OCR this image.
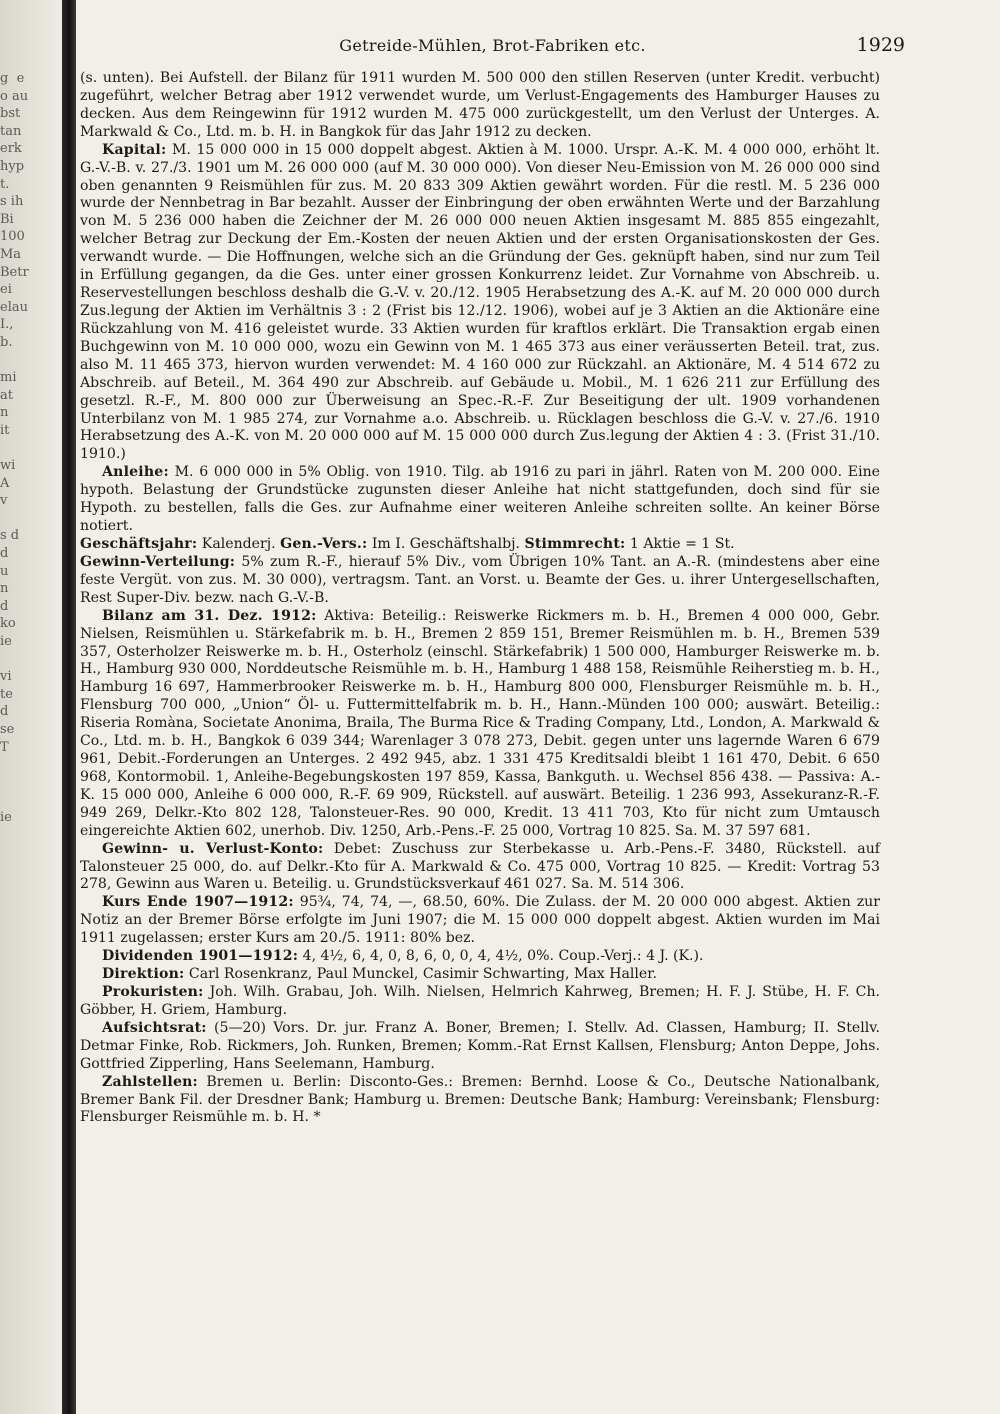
g  e
o au
bst
tan
erk
hyp
t.
s ih
Bi
100
Ma
Betr
ei
elau
I.,
b.
mi
at
n
it
wi
A
v
s d
d
u
n
d
ko
ie
vi
te
d
se
T
ie
Getreide-Mühlen, Brot-Fabriken etc.	1929

(s. unten). Bei Aufstell. der Bilanz für 1911 wurden M. 500 000 den stillen Reserven (unter Kredit. verbucht) zugeführt, welcher Betrag aber 1912 verwendet wurde, um Verlust-Engagements des Hamburger Hauses zu decken. Aus dem Reingewinn für 1912 wurden M. 475 000 zurückgestellt, um den Verlust der Unterges. A. Markwald & Co., Ltd. m. b. H. in Bangkok für das Jahr 1912 zu decken.

Kapital: M. 15 000 000 in 15 000 doppelt abgest. Aktien à M. 1000. Urspr. A.-K. M. 4 000 000, erhöht lt. G.-V.-B. v. 27./3. 1901 um M. 26 000 000 (auf M. 30 000 000). Von dieser Neu-Emission von M. 26 000 000 sind oben genannten 9 Reismühlen für zus. M. 20 833 309 Aktien gewährt worden. Für die restl. M. 5 236 000 wurde der Nennbetrag in Bar bezahlt. Ausser der Einbringung der oben erwähnten Werte und der Barzahlung von M. 5 236 000 haben die Zeichner der M. 26 000 000 neuen Aktien insgesamt M. 885 855 eingezahlt, welcher Betrag zur Deckung der Em.-Kosten der neuen Aktien und der ersten Organisationskosten der Ges. verwandt wurde. — Die Hoffnungen, welche sich an die Gründung der Ges. geknüpft haben, sind nur zum Teil in Erfüllung gegangen, da die Ges. unter einer grossen Konkurrenz leidet. Zur Vornahme von Abschreib. u. Reservestellungen beschloss deshalb die G.-V. v. 20./12. 1905 Herabsetzung des A.-K. auf M. 20 000 000 durch Zus.legung der Aktien im Verhältnis 3 : 2 (Frist bis 12./12. 1906), wobei auf je 3 Aktien an die Aktionäre eine Rückzahlung von M. 416 geleistet wurde. 33 Aktien wurden für kraftlos erklärt. Die Transaktion ergab einen Buchgewinn von M. 10 000 000, wozu ein Gewinn von M. 1 465 373 aus einer veräusserten Beteil. trat, zus. also M. 11 465 373, hiervon wurden verwendet: M. 4 160 000 zur Rückzahl. an Aktionäre, M. 4 514 672 zu Abschreib. auf Beteil., M. 364 490 zur Abschreib. auf Gebäude u. Mobil., M. 1 626 211 zur Erfüllung des gesetzl. R.-F., M. 800 000 zur Überweisung an Spec.-R.-F. Zur Beseitigung der ult. 1909 vorhandenen Unterbilanz von M. 1 985 274, zur Vornahme a.o. Abschreib. u. Rücklagen beschloss die G.-V. v. 27./6. 1910 Herabsetzung des A.-K. von M. 20 000 000 auf M. 15 000 000 durch Zus.legung der Aktien 4 : 3. (Frist 31./10. 1910.)

Anleihe: M. 6 000 000 in 5% Oblig. von 1910. Tilg. ab 1916 zu pari in jährl. Raten von M. 200 000. Eine hypoth. Belastung der Grundstücke zugunsten dieser Anleihe hat nicht stattgefunden, doch sind für sie Hypoth. zu bestellen, falls die Ges. zur Aufnahme einer weiteren Anleihe schreiten sollte. An keiner Börse notiert.

Geschäftsjahr: Kalenderj. Gen.-Vers.: Im I. Geschäftshalbj. Stimmrecht: 1 Aktie = 1 St.

Gewinn-Verteilung: 5% zum R.-F., hierauf 5% Div., vom Übrigen 10% Tant. an A.-R. (mindestens aber eine feste Vergüt. von zus. M. 30 000), vertragsm. Tant. an Vorst. u. Beamte der Ges. u. ihrer Untergesellschaften, Rest Super-Div. bezw. nach G.-V.-B.

Bilanz am 31. Dez. 1912: Aktiva: Beteilig.: Reiswerke Rickmers m. b. H., Bremen 4 000 000, Gebr. Nielsen, Reismühlen u. Stärkefabrik m. b. H., Bremen 2 859 151, Bremer Reismühlen m. b. H., Bremen 539 357, Osterholzer Reiswerke m. b. H., Osterholz (einschl. Stärkefabrik) 1 500 000, Hamburger Reiswerke m. b. H., Hamburg 930 000, Norddeutsche Reismühle m. b. H., Hamburg 1 488 158, Reismühle Reiherstieg m. b. H., Hamburg 16 697, Hammerbrooker Reiswerke m. b. H., Hamburg 800 000, Flensburger Reismühle m. b. H., Flensburg 700 000, „Union“ Öl- u. Futtermittelfabrik m. b. H., Hann.-Münden 100 000; auswärt. Beteilig.: Riseria Romàna, Societate Anonima, Braila, The Burma Rice & Trading Company, Ltd., London, A. Markwald & Co., Ltd. m. b. H., Bangkok 6 039 344; Warenlager 3 078 273, Debit. gegen unter uns lagernde Waren 6 679 961, Debit.-Forderungen an Unterges. 2 492 945, abz. 1 331 475 Kreditsaldi bleibt 1 161 470, Debit. 6 650 968, Kontormobil. 1, Anleihe-Begebungskosten 197 859, Kassa, Bankguth. u. Wechsel 856 438. — Passiva: A.-K. 15 000 000, Anleihe 6 000 000, R.-F. 69 909, Rückstell. auf auswärt. Beteilig. 1 236 993, Assekuranz-R.-F. 949 269, Delkr.-Kto 802 128, Talonsteuer-Res. 90 000, Kredit. 13 411 703, Kto für nicht zum Umtausch eingereichte Aktien 602, unerhob. Div. 1250, Arb.-Pens.-F. 25 000, Vortrag 10 825. Sa. M. 37 597 681.

Gewinn- u. Verlust-Konto: Debet: Zuschuss zur Sterbekasse u. Arb.-Pens.-F. 3480, Rückstell. auf Talonsteuer 25 000, do. auf Delkr.-Kto für A. Markwald & Co. 475 000, Vortrag 10 825. — Kredit: Vortrag 53 278, Gewinn aus Waren u. Beteilig. u. Grundstücksverkauf 461 027. Sa. M. 514 306.

Kurs Ende 1907—1912: 95¾, 74, 74, —, 68.50, 60%. Die Zulass. der M. 20 000 000 abgest. Aktien zur Notiz an der Bremer Börse erfolgte im Juni 1907; die M. 15 000 000 doppelt abgest. Aktien wurden im Mai 1911 zugelassen; erster Kurs am 20./5. 1911: 80% bez.

Dividenden 1901—1912: 4, 4½, 6, 4, 0, 8, 6, 0, 0, 4, 4½, 0%. Coup.-Verj.: 4 J. (K.).

Direktion: Carl Rosenkranz, Paul Munckel, Casimir Schwarting, Max Haller.

Prokuristen: Joh. Wilh. Grabau, Joh. Wilh. Nielsen, Helmrich Kahrweg, Bremen; H. F. J. Stübe, H. F. Ch. Göbber, H. Griem, Hamburg.

Aufsichtsrat: (5—20) Vors. Dr. jur. Franz A. Boner, Bremen; I. Stellv. Ad. Classen, Hamburg; II. Stellv. Detmar Finke, Rob. Rickmers, Joh. Runken, Bremen; Komm.-Rat Ernst Kallsen, Flensburg; Anton Deppe, Johs. Gottfried Zipperling, Hans Seelemann, Hamburg.

Zahlstellen: Bremen u. Berlin: Disconto-Ges.: Bremen: Bernhd. Loose & Co., Deutsche Nationalbank, Bremer Bank Fil. der Dresdner Bank; Hamburg u. Bremen: Deutsche Bank; Hamburg: Vereinsbank; Flensburg: Flensburger Reismühle m. b. H. *
